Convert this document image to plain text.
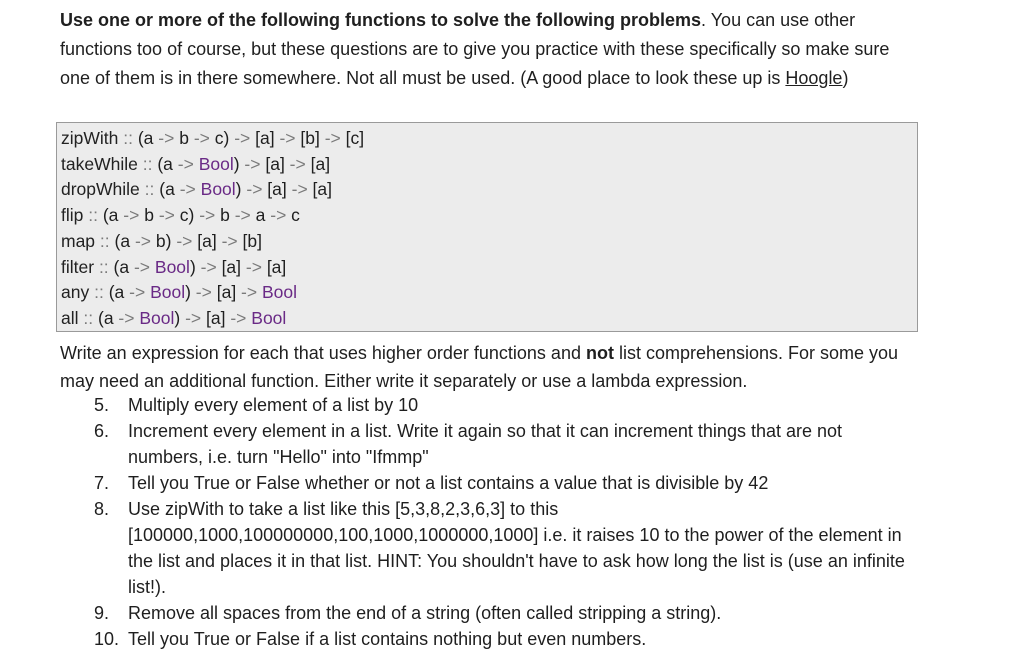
Use one or more of the following functions to solve the following problems. You can use other functions too of course, but these questions are to give you practice with these specifically so make sure one of them is in there somewhere. Not all must be used. (A good place to look these up is Hoogle)

zipWith :: (a -> b -> c) -> [a] -> [b] -> [c]
takeWhile :: (a -> Bool) -> [a] -> [a]
dropWhile :: (a -> Bool) -> [a] -> [a]
flip :: (a -> b -> c) -> b -> a -> c
map :: (a -> b) -> [a] -> [b]
filter :: (a -> Bool) -> [a] -> [a]
any :: (a -> Bool) -> [a] -> Bool
all :: (a -> Bool) -> [a] -> Bool

Write an expression for each that uses higher order functions and not list comprehensions. For some you may need an additional function. Either write it separately or use a lambda expression.

5. Multiply every element of a list by 10
6. Increment every element in a list. Write it again so that it can increment things that are not numbers, i.e. turn "Hello" into "Ifmmp"
7. Tell you True or False whether or not a list contains a value that is divisible by 42
8. Use zipWith to take a list like this [5,3,8,2,3,6,3] to this [100000,1000,100000000,100,1000,1000000,1000] i.e. it raises 10 to the power of the element in the list and places it in that list. HINT: You shouldn't have to ask how long the list is (use an infinite list!).
9. Remove all spaces from the end of a string (often called stripping a string).
10. Tell you True or False if a list contains nothing but even numbers.
